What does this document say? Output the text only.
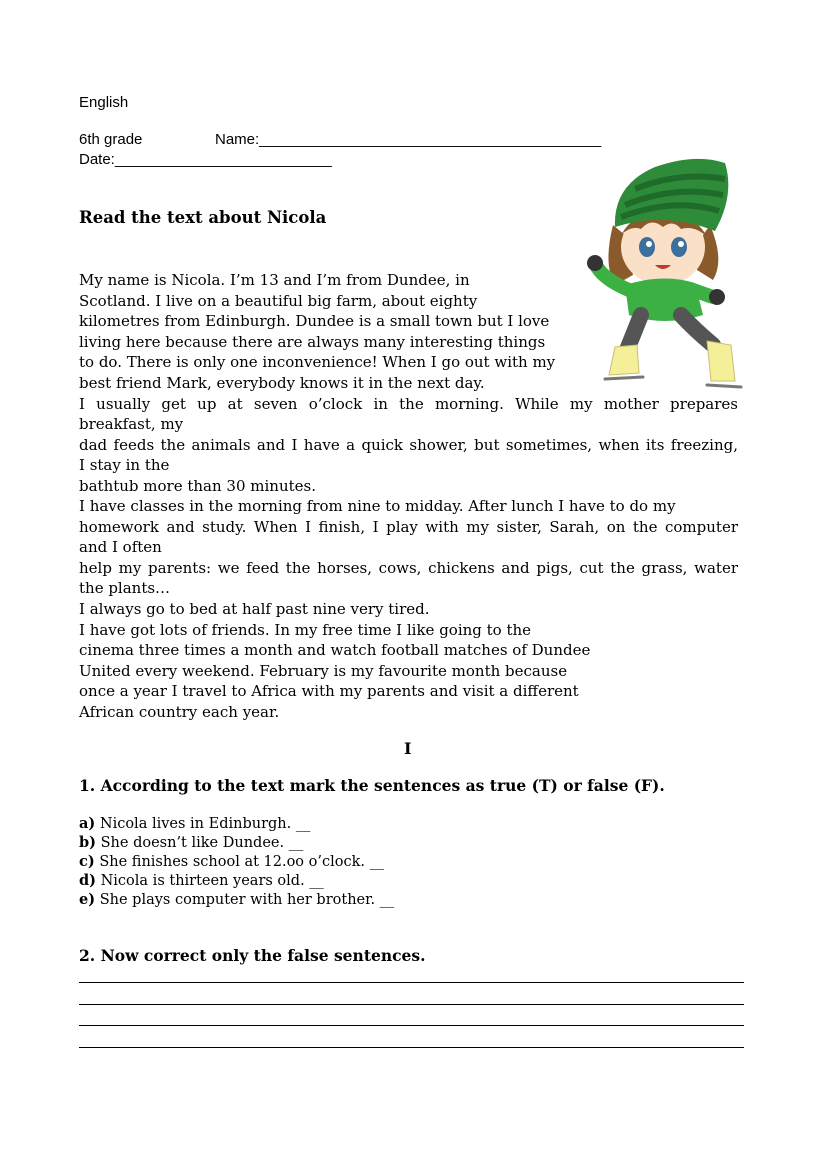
English
6th grade	Name:_________________________________________
Date:__________________________
Read the text about Nicola
My name is Nicola. I’m 13 and I’m from Dundee, in
Scotland. I live on a beautiful big farm, about eighty
kilometres from Edinburgh. Dundee is a small town but I love
living here because there are always many interesting things
to do. There is only one inconvenience! When I go out with my
best friend Mark, everybody knows it in the next day.
I usually get up at seven o’clock in the morning. While my mother prepares
breakfast, my
dad feeds the animals and I have a quick shower, but sometimes, when its freezing,
I stay in the
bathtub more than 30 minutes.
I have classes in the morning from nine to midday. After lunch I have to do my
homework and study. When I finish, I play with my sister, Sarah, on the computer
and I often
help my parents: we feed the horses, cows, chickens and pigs, cut the grass, water
the plants…
I always go to bed at half past nine very tired.
I have got lots of friends. In my free time I like going to the
cinema three times a month and watch football matches of Dundee
United every weekend. February is my favourite month because
once a year I travel to Africa with my parents and visit a different
African country each year.
I
1. According to the text mark the sentences as true (T) or false (F).
a) Nicola lives in Edinburgh. __
b) She doesn’t like Dundee. __
c) She finishes school at 12.oo o’clock. __
d) Nicola is thirteen years old. __
e) She plays computer with her brother. __
2. Now correct only the false sentences.
